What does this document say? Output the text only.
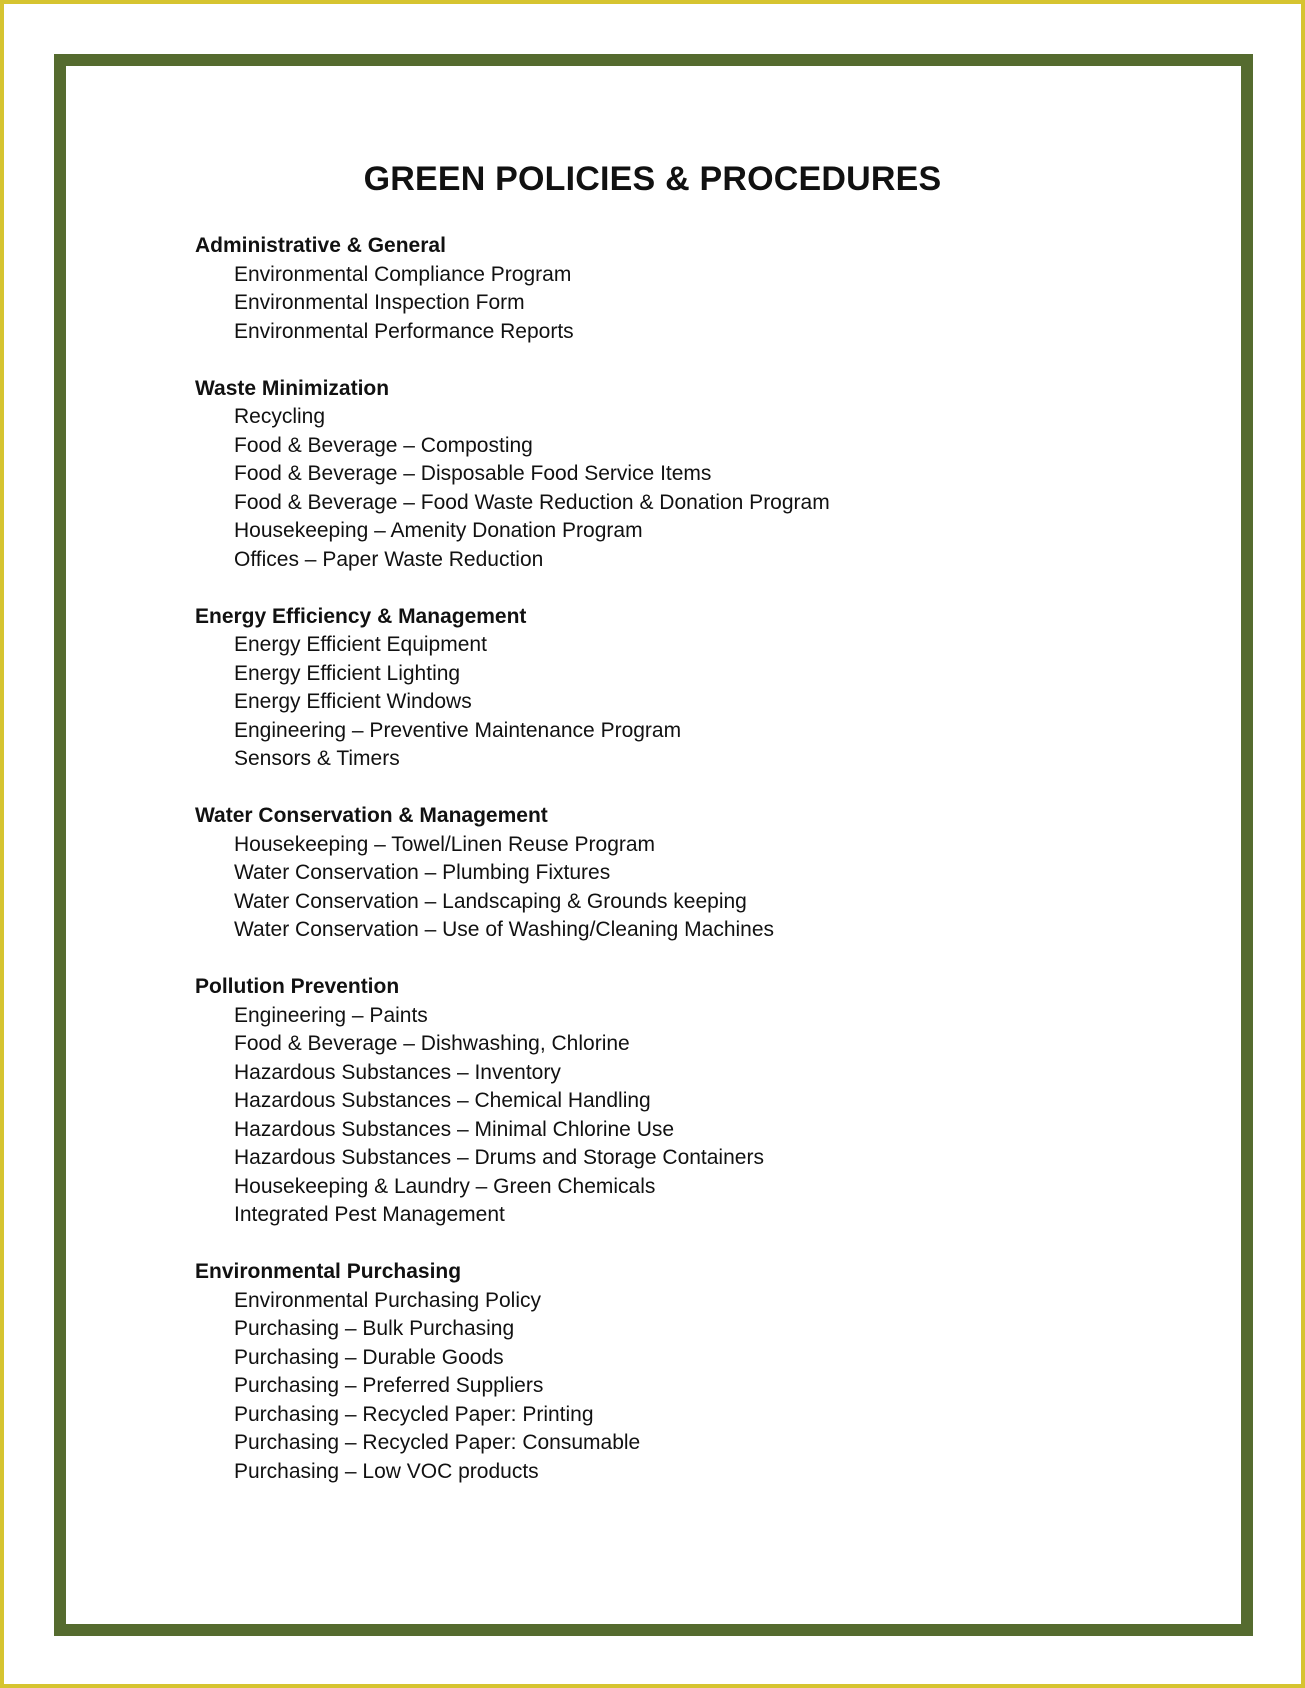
GREEN POLICIES & PROCEDURES
Administrative & General
Environmental Compliance Program
Environmental Inspection Form
Environmental Performance Reports
Waste Minimization
Recycling
Food & Beverage – Composting
Food & Beverage – Disposable Food Service Items
Food & Beverage – Food Waste Reduction & Donation Program
Housekeeping – Amenity Donation Program
Offices – Paper Waste Reduction
Energy Efficiency & Management
Energy Efficient Equipment
Energy Efficient Lighting
Energy Efficient Windows
Engineering – Preventive Maintenance Program
Sensors & Timers
Water Conservation & Management
Housekeeping – Towel/Linen Reuse Program
Water Conservation – Plumbing Fixtures
Water Conservation – Landscaping & Grounds keeping
Water Conservation – Use of Washing/Cleaning Machines
Pollution Prevention
Engineering – Paints
Food & Beverage – Dishwashing, Chlorine
Hazardous Substances – Inventory
Hazardous Substances – Chemical Handling
Hazardous Substances – Minimal Chlorine Use
Hazardous Substances – Drums and Storage Containers
Housekeeping & Laundry – Green Chemicals
Integrated Pest Management
Environmental Purchasing
Environmental Purchasing Policy
Purchasing – Bulk Purchasing
Purchasing – Durable Goods
Purchasing – Preferred Suppliers
Purchasing – Recycled Paper: Printing
Purchasing – Recycled Paper: Consumable
Purchasing – Low VOC products
